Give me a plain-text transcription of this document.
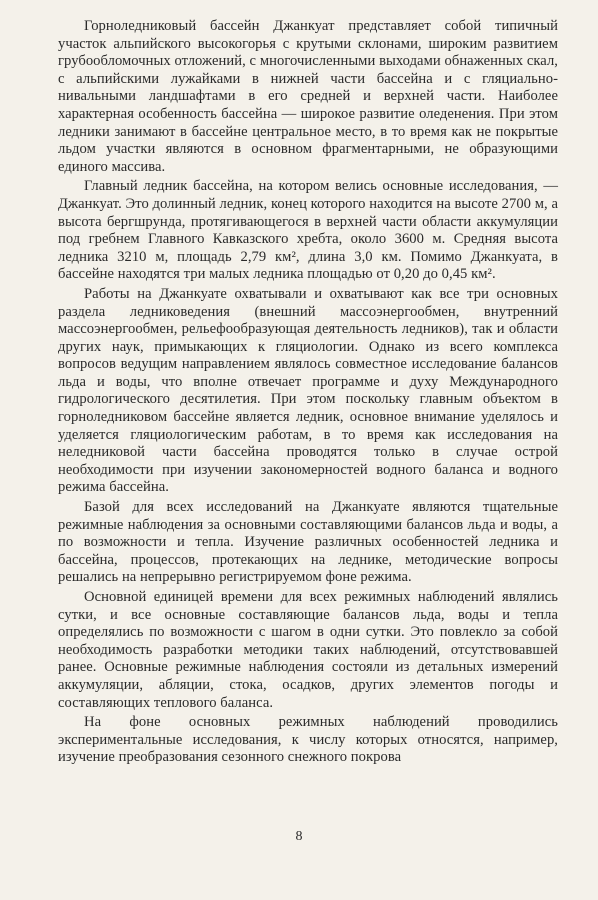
Горноледниковый бассейн Джанкуат представляет собой типичный участок альпийского высокогорья с крутыми склонами, широким развитием грубообломочных отложений, с многочисленными выходами обнаженных скал, с альпийскими лужайками в нижней части бассейна и с гляциально-нивальными ландшафтами в его средней и верхней части. Наиболее характерная особенность бассейна — широкое развитие оледенения. При этом ледники занимают в бассейне центральное место, в то время как не покрытые льдом участки являются в основном фрагментарными, не образующими единого массива.

Главный ледник бассейна, на котором велись основные исследования, — Джанкуат. Это долинный ледник, конец которого находится на высоте 2700 м, а высота бергшрунда, протягивающегося в верхней части области аккумуляции под гребнем Главного Кавказского хребта, около 3600 м. Средняя высота ледника 3210 м, площадь 2,79 км², длина 3,0 км. Помимо Джанкуата, в бассейне находятся три малых ледника площадью от 0,20 до 0,45 км².

Работы на Джанкуате охватывали и охватывают как все три основных раздела ледниковедения (внешний массоэнергообмен, внутренний массоэнергообмен, рельефообразующая деятельность ледников), так и области других наук, примыкающих к гляциологии. Однако из всего комплекса вопросов ведущим направлением являлось совместное исследование балансов льда и воды, что вполне отвечает программе и духу Международного гидрологического десятилетия. При этом поскольку главным объектом в горноледниковом бассейне является ледник, основное внимание уделялось и уделяется гляциологическим работам, в то время как исследования на неледниковой части бассейна проводятся только в случае острой необходимости при изучении закономерностей водного баланса и водного режима бассейна.

Базой для всех исследований на Джанкуате являются тщательные режимные наблюдения за основными составляющими балансов льда и воды, а по возможности и тепла. Изучение различных особенностей ледника и бассейна, процессов, протекающих на леднике, методические вопросы решались на непрерывно регистрируемом фоне режима.

Основной единицей времени для всех режимных наблюдений являлись сутки, и все основные составляющие балансов льда, воды и тепла определялись по возможности с шагом в одни сутки. Это повлекло за собой необходимость разработки методики таких наблюдений, отсутствовавшей ранее. Основные режимные наблюдения состояли из детальных измерений аккумуляции, абляции, стока, осадков, других элементов погоды и составляющих теплового баланса.

На фоне основных режимных наблюдений проводились экспериментальные исследования, к числу которых относятся, например, изучение преобразования сезонного снежного покрова

8
